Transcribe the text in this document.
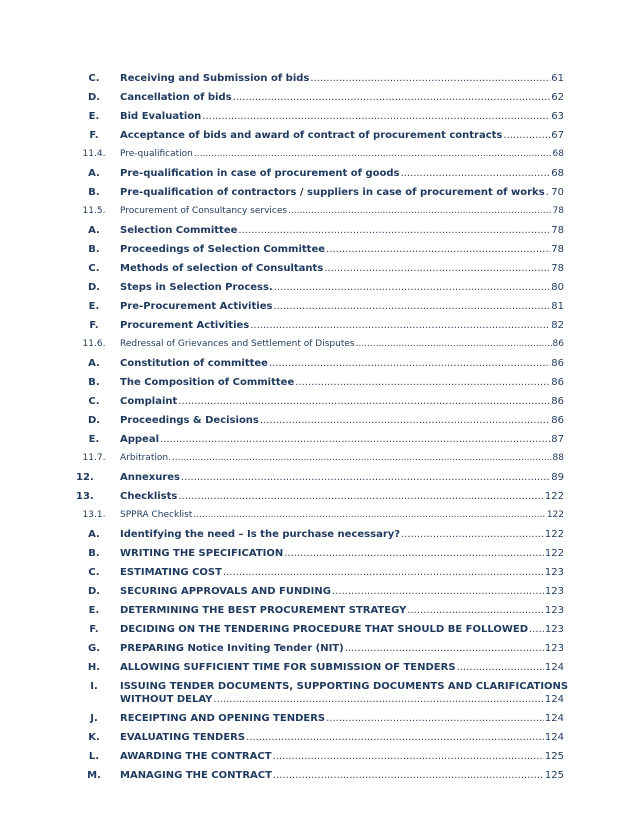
C.	Receiving and Submission of bids .....	61
D.	Cancellation of bids .....	62
E.	Bid Evaluation .....	63
F.	Acceptance of bids and award of contract of procurement contracts .....	67
11.4.	Pre-qualification .....	68
A.	Pre-qualification in case of procurement of goods .....	68
B.	Pre-qualification of contractors / suppliers in case of procurement of works ..... 70
11.5.	Procurement of Consultancy services .....	78
A.	Selection Committee .....	78
B.	Proceedings of Selection Committee .....	78
C.	Methods of selection of Consultants .....	78
D.	Steps in Selection Process. .....	80
E.	Pre-Procurement Activities .....	81
F.	Procurement Activities .....	82
11.6.	Redressal of Grievances and Settlement of Disputes .....	86
A.	Constitution of committee .....	86
B.	The Composition of Committee .....	86
C.	Complaint .....	86
D.	Proceedings & Decisions .....	86
E.	Appeal .....	87
11.7.	Arbitration. .....	88
12.	Annexures .....	89
13.	Checklists .....	122
13.1.	SPPRA Checklist .....	122
A.	Identifying the need – Is the purchase necessary? .....	122
B.	WRITING THE SPECIFICATION .....	122
C.	ESTIMATING COST .....	123
D.	SECURING APPROVALS AND FUNDING .....	123
E.	DETERMINING THE BEST PROCUREMENT STRATEGY .....	123
F.	DECIDING ON THE TENDERING PROCEDURE THAT SHOULD BE FOLLOWED ..... 123
G.	PREPARING Notice Inviting Tender (NIT) .....	123
H.	ALLOWING SUFFICIENT TIME FOR SUBMISSION OF TENDERS .....	124
I.	ISSUING TENDER DOCUMENTS, SUPPORTING DOCUMENTS AND CLARIFICATIONS
WITHOUT DELAY .....	124
J.	RECEIPTING AND OPENING TENDERS .....	124
K.	EVALUATING TENDERS .....	124
L.	AWARDING THE CONTRACT .....	125
M.	MANAGING THE CONTRACT .....	125
